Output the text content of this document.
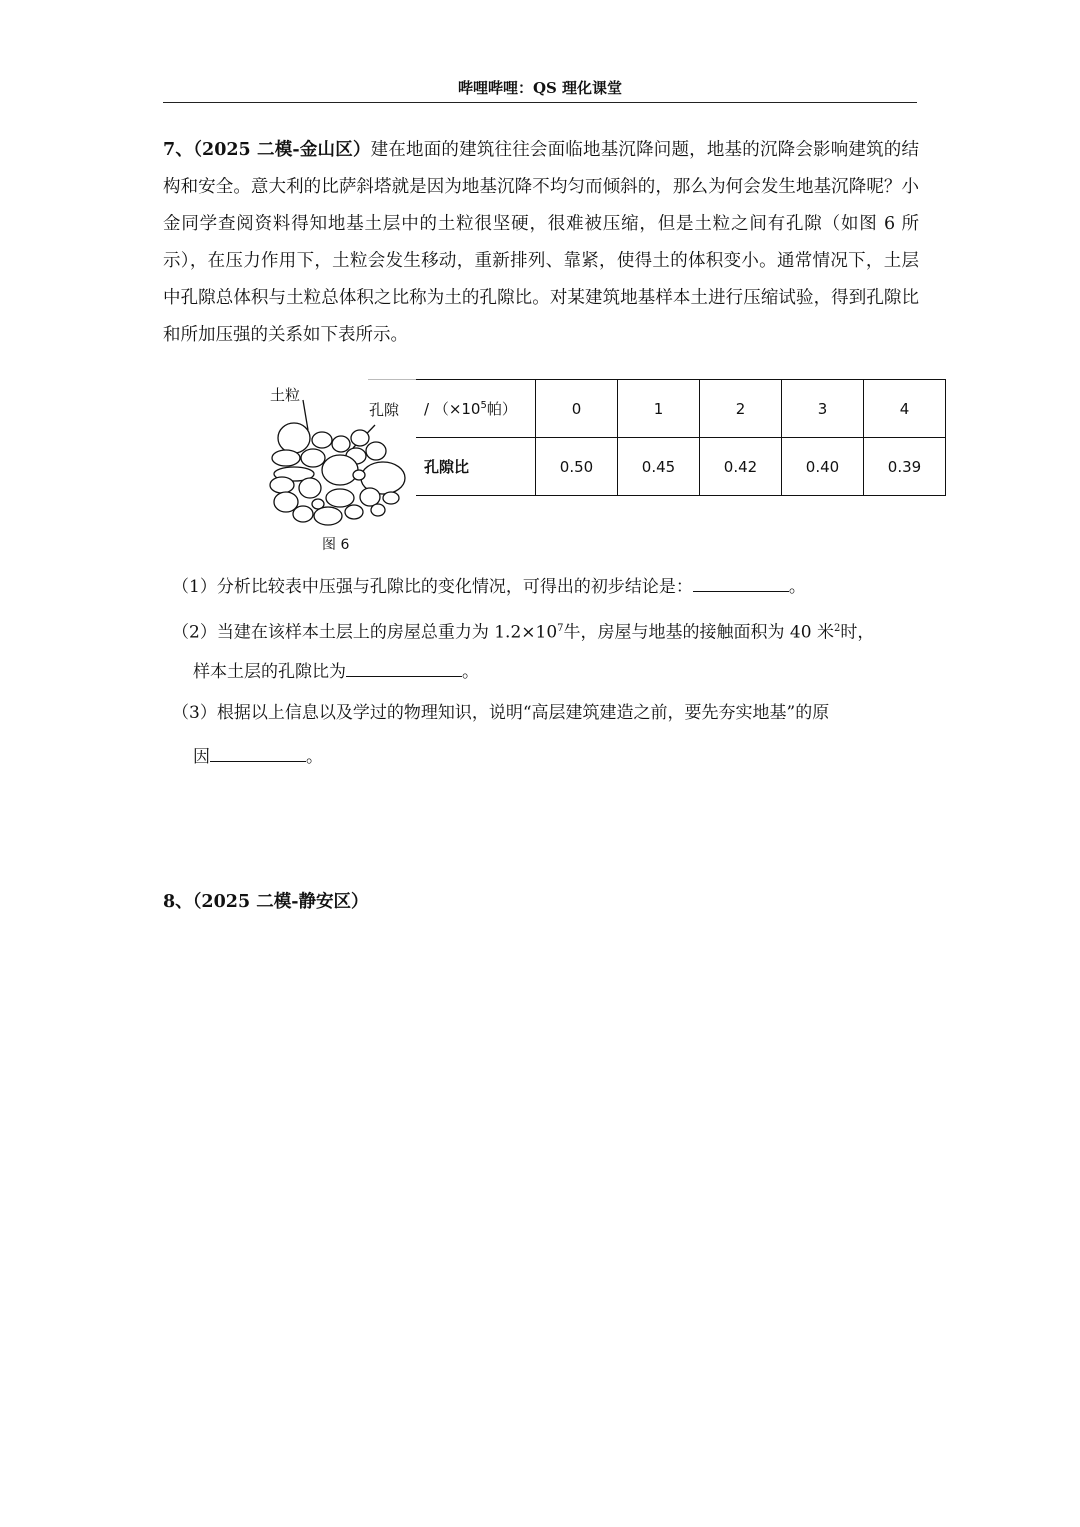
哔哩哔哩：QS 理化课堂
7、（2025 二模-金山区）建在地面的建筑往往会面临地基沉降问题，地基的沉降会影响建筑的结构和安全。意大利的比萨斜塔就是因为地基沉降不均匀而倾斜的，那么为何会发生地基沉降呢？小金同学查阅资料得知地基土层中的土粒很坚硬，很难被压缩，但是土粒之间有孔隙（如图 6 所示），在压力作用下，土粒会发生移动，重新排列、靠紧，使得土的体积变小。通常情况下，土层中孔隙总体积与土粒总体积之比称为土的孔隙比。对某建筑地基样本土进行压缩试验，得到孔隙比和所加压强的关系如下表所示。
土粒
孔隙
图 6
/ （$\times 10^5$帕）	0	1	2	3	4
孔隙比	0.50	0.45	0.42	0.40	0.39
（1）分析比较表中压强与孔隙比的变化情况，可得出的初步结论是：	。
（2）当建在该样本土层上的房屋总重力为 $1.2\times 10^7$牛，房屋与地基的接触面积为 40 米$^2$时，
样本土层的孔隙比为	。
（3）根据以上信息以及学过的物理知识，说明“高层建筑建造之前，要先夯实地基”的原
因	。
8、（2025 二模-静安区）
